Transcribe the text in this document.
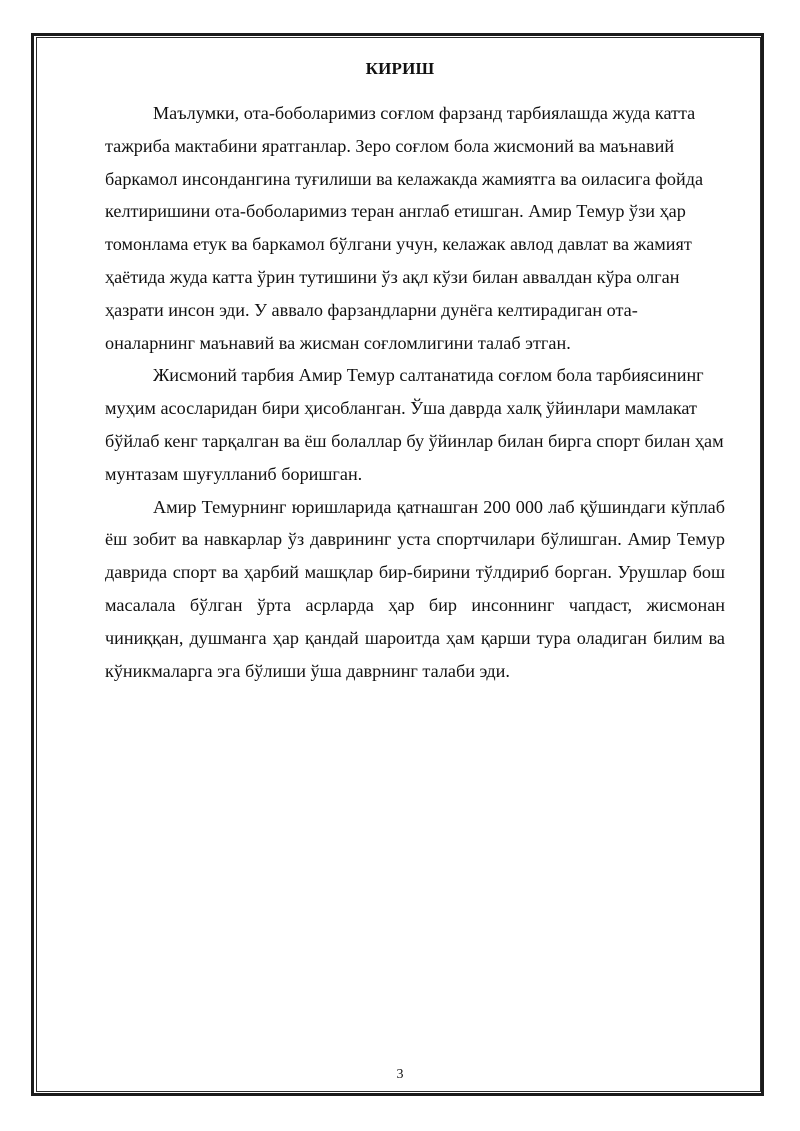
КИРИШ

Маълумки, ота-боболаримиз соғлом фарзанд тарбиялашда жуда катта тажриба мактабини яратганлар. Зеро соғлом бола жисмоний ва маънавий баркамол инсондангина туғилиши ва келажакда жамиятга ва оиласига фойда келтиришини ота-боболаримиз теран англаб етишган. Амир Темур ўзи ҳар томонлама етук ва баркамол бўлгани учун, келажак авлод давлат ва жамият ҳаётида жуда катта ўрин тутишини ўз ақл кўзи билан аввалдан кўра олган ҳазрати инсон эди. У аввало фарзандларни дунёга келтирадиган ота-оналарнинг маънавий ва жисман соғломлигини талаб этган.

Жисмоний тарбия Амир Темур салтанатида соғлом бола тарбиясининг муҳим асосларидан бири ҳисобланган. Ўша даврда халқ ўйинлари мамлакат бўйлаб кенг тарқалган ва ёш болаллар бу ўйинлар билан бирга спорт билан ҳам мунтазам шуғулланиб боришган.

Амир Темурнинг юришларида қатнашган 200 000 лаб қўшиндаги кўплаб ёш зобит ва навкарлар ўз даврининг уста спортчилари бўлишган. Амир Темур даврида спорт ва ҳарбий машқлар бир-бирини тўлдириб борган. Урушлар бош масалала бўлган ўрта асрларда ҳар бир инсоннинг чапдаст, жисмонан чиниққан, душманга ҳар қандай шароитда ҳам қарши тура оладиган билим ва кўникмаларга эга бўлиши ўша даврнинг талаби эди.

3
